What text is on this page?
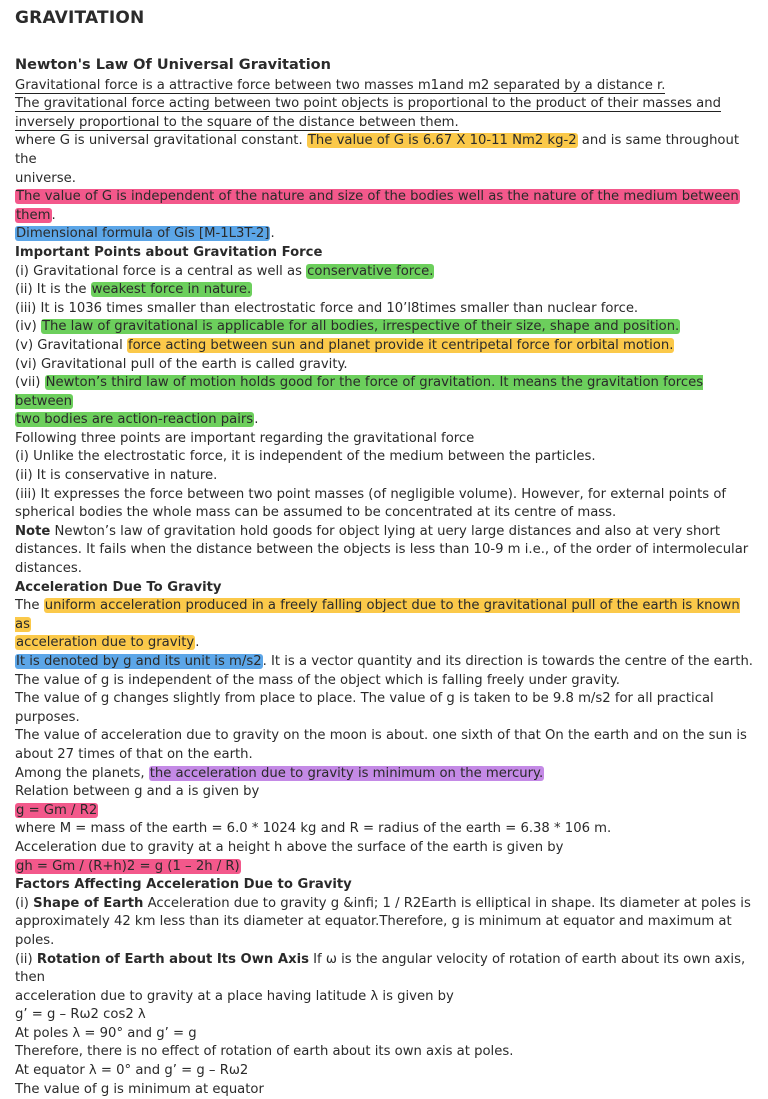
GRAVITATION
Newton's Law Of Universal Gravitation
Gravitational force is a attractive force between two masses m1and m2 separated by a distance r.
The gravitational force acting between two point objects is proportional to the product of their masses and
inversely proportional to the square of the distance between them.
where G is universal gravitational constant. The value of G is 6.67 X 10-11 Nm2 kg-2 and is same throughout the
universe.
The value of G is independent of the nature and size of the bodies well as the nature of the medium between
them.
Dimensional formula of Gis [M-1L3T-2].
Important Points about Gravitation Force
(i) Gravitational force is a central as well as conservative force.
(ii) It is the weakest force in nature.
(iii) It is 1036 times smaller than electrostatic force and 10’l8times smaller than nuclear force.
(iv) The law of gravitational is applicable for all bodies, irrespective of their size, shape and position.
(v) Gravitational force acting between sun and planet provide it centripetal force for orbital motion.
(vi) Gravitational pull of the earth is called gravity.
(vii) Newton’s third law of motion holds good for the force of gravitation. It means the gravitation forces between
two bodies are action-reaction pairs.
Following three points are important regarding the gravitational force
(i) Unlike the electrostatic force, it is independent of the medium between the particles.
(ii) It is conservative in nature.
(iii) It expresses the force between two point masses (of negligible volume). However, for external points of
spherical bodies the whole mass can be assumed to be concentrated at its centre of mass.
Note Newton’s law of gravitation hold goods for object lying at uery large distances and also at very short
distances. It fails when the distance between the objects is less than 10-9 m i.e., of the order of intermolecular
distances.
Acceleration Due To Gravity
The uniform acceleration produced in a freely falling object due to the gravitational pull of the earth is known as
acceleration due to gravity.
It is denoted by g and its unit is m/s2. It is a vector quantity and its direction is towards the centre of the earth.
The value of g is independent of the mass of the object which is falling freely under gravity.
The value of g changes slightly from place to place. The value of g is taken to be 9.8 m/s2 for all practical
purposes.
The value of acceleration due to gravity on the moon is about. one sixth of that On the earth and on the sun is
about 27 times of that on the earth.
Among the planets, the acceleration due to gravity is minimum on the mercury.
Relation between g and a is given by
g = Gm / R2
where M = mass of the earth = 6.0 * 1024 kg and R = radius of the earth = 6.38 * 106 m.
Acceleration due to gravity at a height h above the surface of the earth is given by
gh = Gm / (R+h)2 = g (1 – 2h / R)
Factors Affecting Acceleration Due to Gravity
(i) Shape of Earth Acceleration due to gravity g &infi; 1 / R2Earth is elliptical in shape. Its diameter at poles is
approximately 42 km less than its diameter at equator.Therefore, g is minimum at equator and maximum at poles.
(ii) Rotation of Earth about Its Own Axis If ω is the angular velocity of rotation of earth about its own axis, then
acceleration due to gravity at a place having latitude λ is given by
g’ = g – Rω2 cos2 λ
At poles λ = 90° and g’ = g
Therefore, there is no effect of rotation of earth about its own axis at poles.
At equator λ = 0° and g’ = g – Rω2
The value of g is minimum at equator
